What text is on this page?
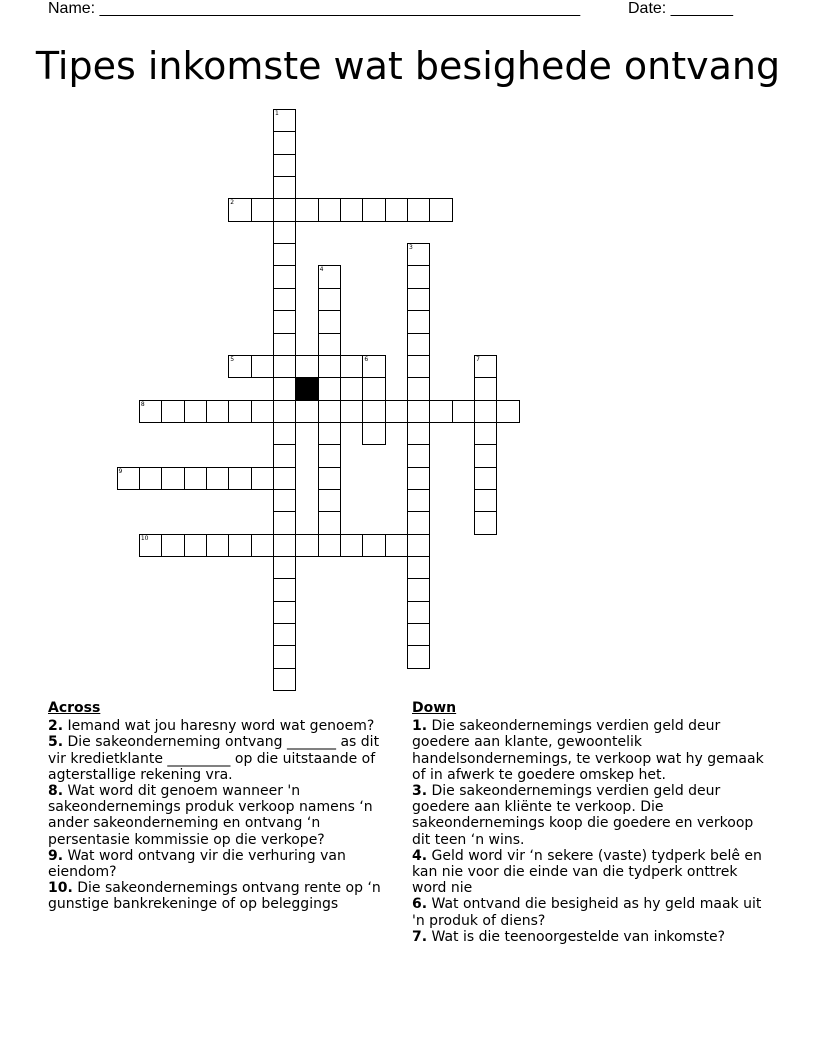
Name: ______________________________________________________	Date: _______
Tipes inkomste wat besighede ontvang
1
2
3
4
5	6	7
8
9
10
Across
2. Iemand wat jou haresny word wat genoem?
5. Die sakeonderneming ontvang _______ as dit vir kredietklante _________ op die uitstaande of agterstallige rekening vra.
8. Wat word dit genoem wanneer 'n sakeondernemings produk verkoop namens ‘n ander sakeonderneming en ontvang ‘n persentasie kommissie op die verkope?
9. Wat word ontvang vir die verhuring van eiendom?
10. Die sakeondernemings ontvang rente op ‘n gunstige bankrekeninge of op beleggings
Down
1. Die sakeondernemings verdien geld deur goedere aan klante, gewoontelik handelsondernemings, te verkoop wat hy gemaak of in afwerk te goedere omskep het.
3. Die sakeondernemings verdien geld deur goedere aan kliënte te verkoop. Die sakeondernemings koop die goedere en verkoop dit teen ‘n wins.
4. Geld word vir ‘n sekere (vaste) tydperk belê en kan nie voor die einde van die tydperk onttrek word nie
6. Wat ontvand die besigheid as hy geld maak uit 'n produk of diens?
7. Wat is die teenoorgestelde van inkomste?
